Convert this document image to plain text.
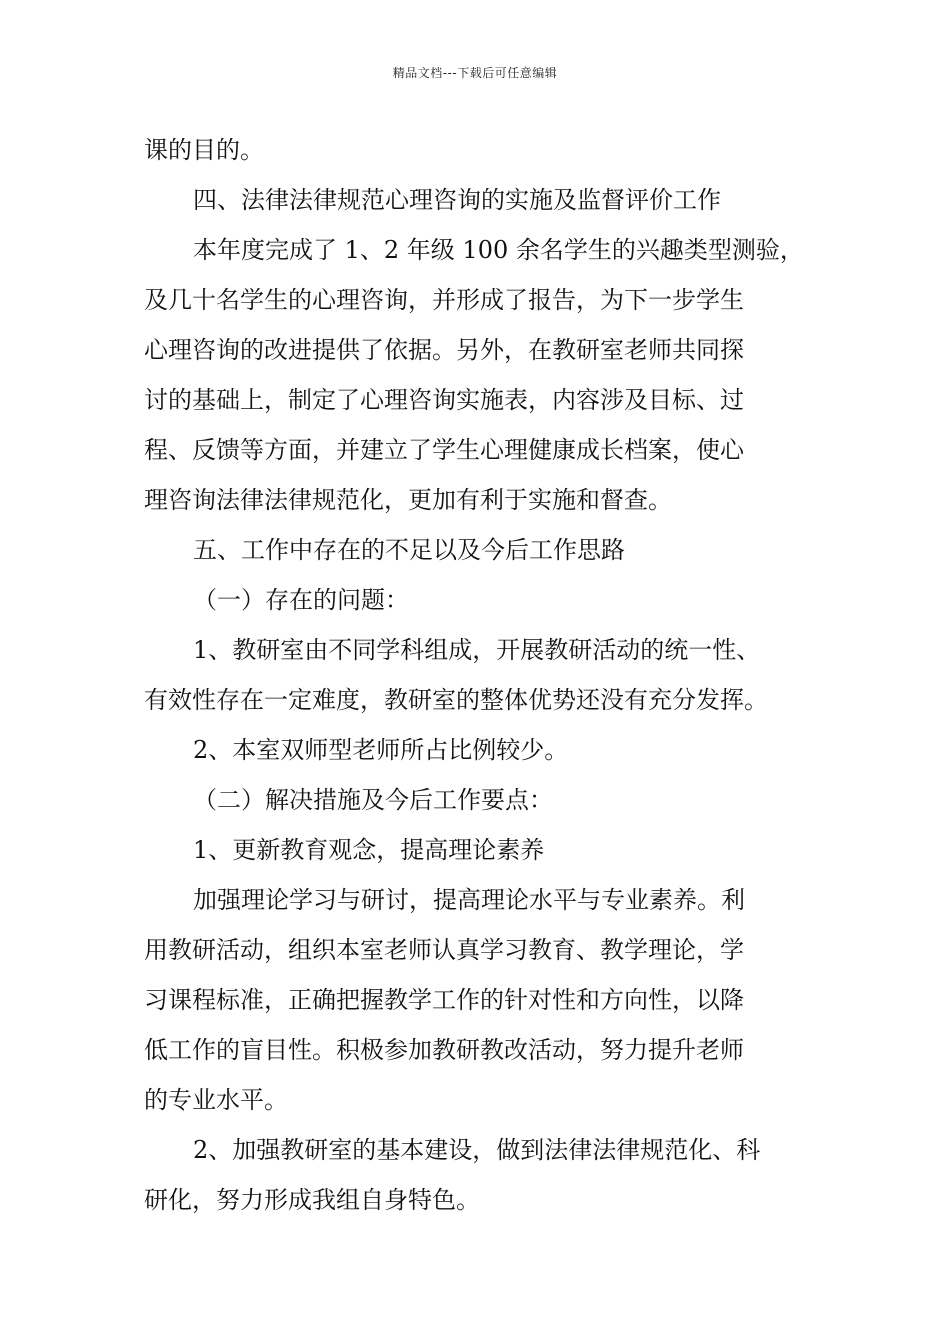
精品文档---下载后可任意编辑
课的目的。
四、法律法律规范心理咨询的实施及监督评价工作
本年度完成了 1、2 年级 100 余名学生的兴趣类型测验，
及几十名学生的心理咨询，并形成了报告，为下一步学生
心理咨询的改进提供了依据。另外，在教研室老师共同探
讨的基础上，制定了心理咨询实施表，内容涉及目标、过
程、反馈等方面，并建立了学生心理健康成长档案，使心
理咨询法律法律规范化，更加有利于实施和督查。
五、工作中存在的不足以及今后工作思路
（一）存在的问题：
1、教研室由不同学科组成，开展教研活动的统一性、
有效性存在一定难度，教研室的整体优势还没有充分发挥。
2、本室双师型老师所占比例较少。
（二）解决措施及今后工作要点：
1、更新教育观念，提高理论素养
加强理论学习与研讨，提高理论水平与专业素养。利
用教研活动，组织本室老师认真学习教育、教学理论，学
习课程标准，正确把握教学工作的针对性和方向性，以降
低工作的盲目性。积极参加教研教改活动，努力提升老师
的专业水平。
2、加强教研室的基本建设，做到法律法律规范化、科
研化，努力形成我组自身特色。
